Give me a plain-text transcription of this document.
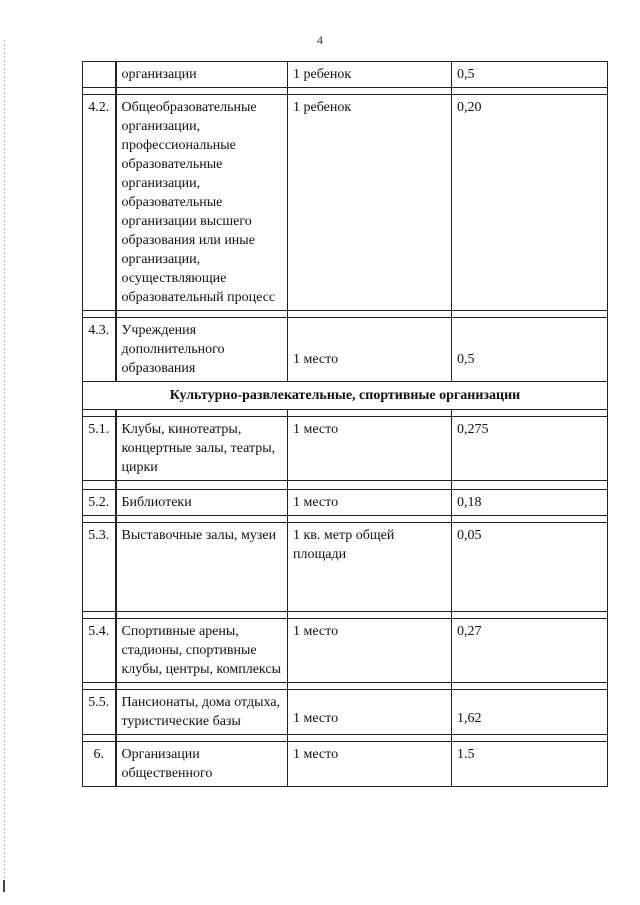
4
	организации	1 ребенок	0,5

4.2.	Общеобразовательные организации, профессиональные образовательные организации, образовательные организации высшего образования или иные организации, осуществляющие образовательный процесс	1 ребенок	0,20

4.3.	Учреждения дополнительного образования	1 место	0,5
Культурно-развлекательные, спортивные организации			

5.1.	Клубы, кинотеатры, концертные залы, театры, цирки	1 место	0,275

5.2.	Библиотеки	1 место	0,18

5.3.	Выставочные залы, музеи	1 кв. метр общей площади	0,05

5.4.	Спортивные арены, стадионы, спортивные клубы, центры, комплексы	1 место	0,27

5.5.	Пансионаты, дома отдыха, туристические базы	1 место	1,62

6.	Организации общественного	1 место	1.5
